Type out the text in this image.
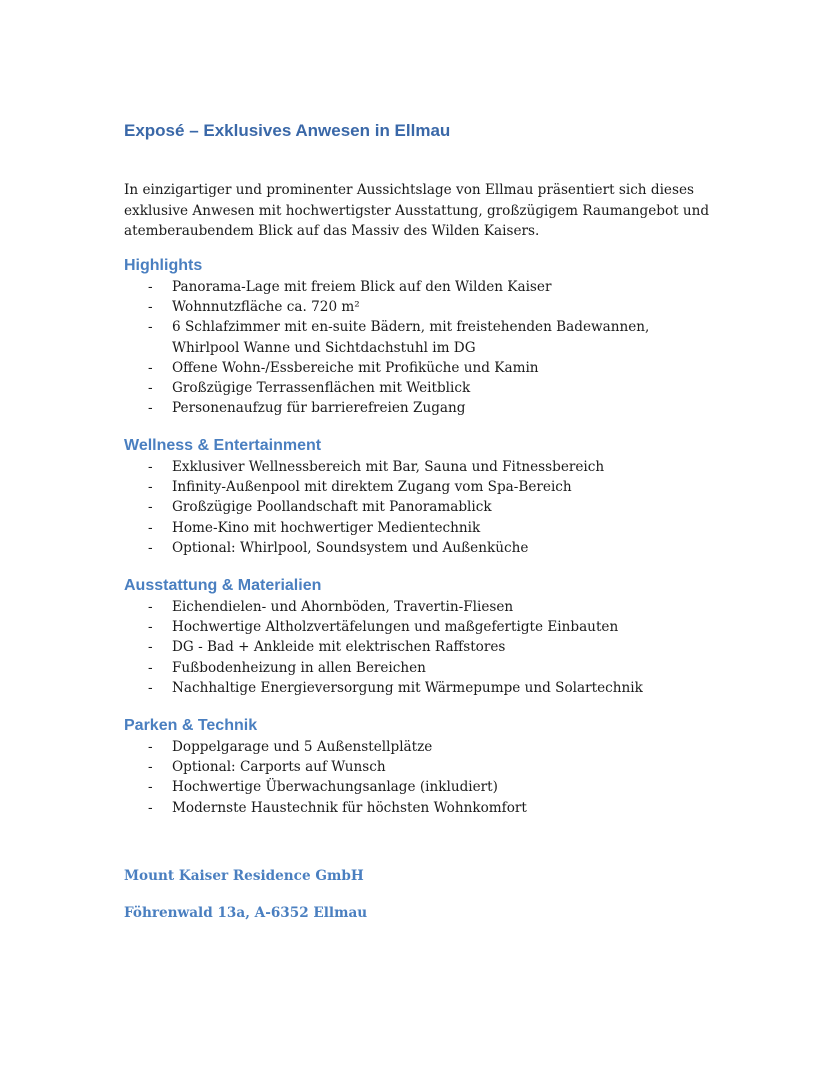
Exposé – Exklusives Anwesen in Ellmau

In einzigartiger und prominenter Aussichtslage von Ellmau präsentiert sich dieses exklusive Anwesen mit hochwertigster Ausstattung, großzügigem Raumangebot und atemberaubendem Blick auf das Massiv des Wilden Kaisers.

Highlights
- Panorama-Lage mit freiem Blick auf den Wilden Kaiser
- Wohnnutzfläche ca. 720 m²
- 6 Schlafzimmer mit en-suite Bädern, mit freistehenden Badewannen, Whirlpool Wanne und Sichtdachstuhl im DG
- Offene Wohn-/Essbereiche mit Profiküche und Kamin
- Großzügige Terrassenflächen mit Weitblick
- Personenaufzug für barrierefreien Zugang
Wellness & Entertainment
- Exklusiver Wellnessbereich mit Bar, Sauna und Fitnessbereich
- Infinity-Außenpool mit direktem Zugang vom Spa-Bereich
- Großzügige Poollandschaft mit Panoramablick
- Home-Kino mit hochwertiger Medientechnik
- Optional: Whirlpool, Soundsystem und Außenküche
Ausstattung & Materialien
- Eichendielen- und Ahornböden, Travertin-Fliesen
- Hochwertige Altholzvertäfelungen und maßgefertigte Einbauten
- DG - Bad + Ankleide mit elektrischen Raffstores
- Fußbodenheizung in allen Bereichen
- Nachhaltige Energieversorgung mit Wärmepumpe und Solartechnik
Parken & Technik
- Doppelgarage und 5 Außenstellplätze
- Optional: Carports auf Wunsch
- Hochwertige Überwachungsanlage (inkludiert)
- Modernste Haustechnik für höchsten Wohnkomfort

Mount Kaiser Residence GmbH

Föhrenwald 13a, A-6352 Ellmau
